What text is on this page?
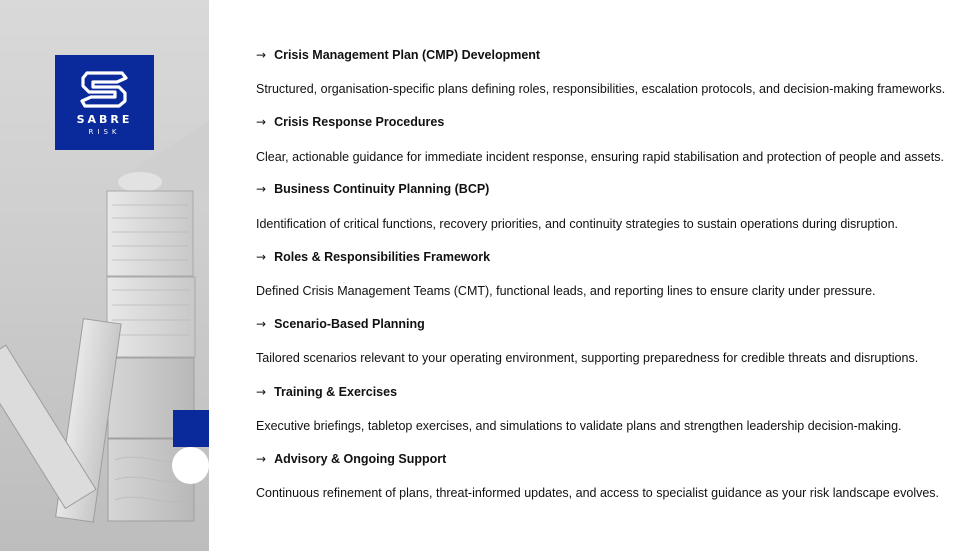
SABRE
RISK
→ Crisis Management Plan (CMP) Development
Structured, organisation-specific plans defining roles, responsibilities, escalation protocols, and decision-making frameworks.
→ Crisis Response Procedures
Clear, actionable guidance for immediate incident response, ensuring rapid stabilisation and protection of people and assets.
→ Business Continuity Planning (BCP)
Identification of critical functions, recovery priorities, and continuity strategies to sustain operations during disruption.
→ Roles & Responsibilities Framework
Defined Crisis Management Teams (CMT), functional leads, and reporting lines to ensure clarity under pressure.
→ Scenario-Based Planning
Tailored scenarios relevant to your operating environment, supporting preparedness for credible threats and disruptions.
→ Training & Exercises
Executive briefings, tabletop exercises, and simulations to validate plans and strengthen leadership decision-making.
→ Advisory & Ongoing Support
Continuous refinement of plans, threat-informed updates, and access to specialist guidance as your risk landscape evolves.
